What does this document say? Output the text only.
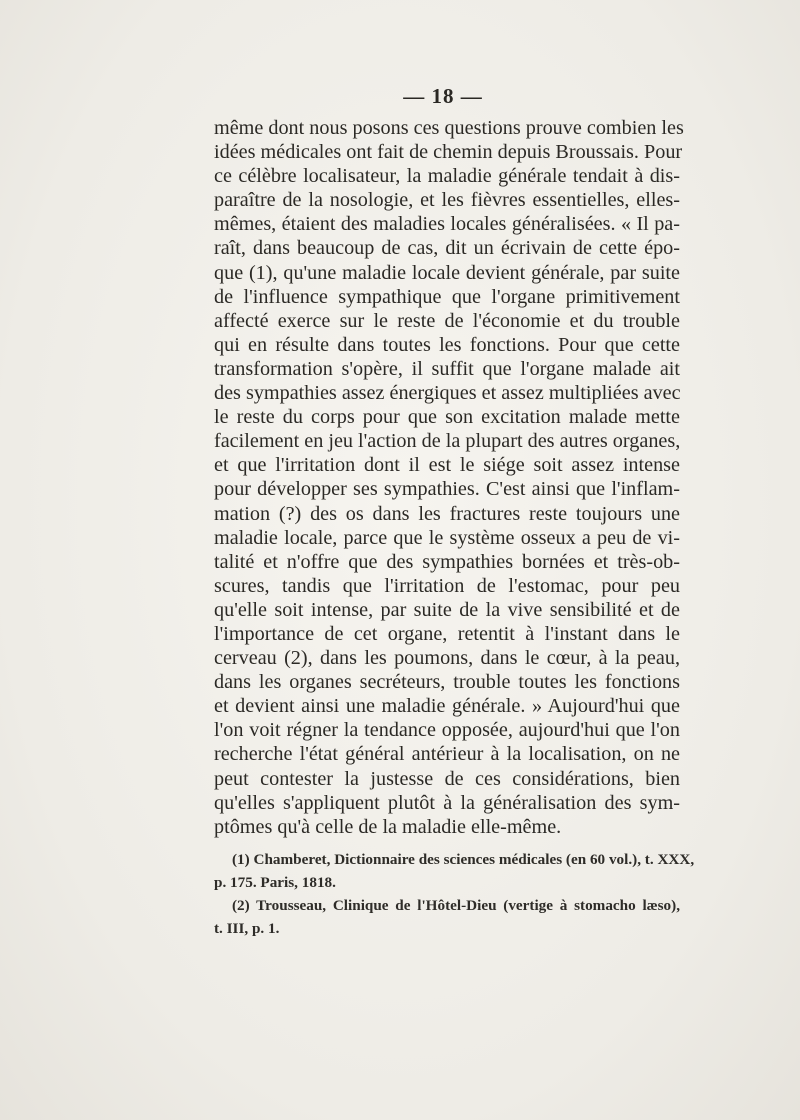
— 18 —
même dont nous posons ces questions prouve combien les
idées médicales ont fait de chemin depuis Broussais. Pour
ce célèbre localisateur, la maladie générale tendait à dis-
paraître de la nosologie, et les fièvres essentielles, elles-
mêmes, étaient des maladies locales généralisées. « Il pa-
raît, dans beaucoup de cas, dit un écrivain de cette épo-
que (1), qu'une maladie locale devient générale, par suite
de l'influence sympathique que l'organe primitivement
affecté exerce sur le reste de l'économie et du trouble
qui en résulte dans toutes les fonctions. Pour que cette
transformation s'opère, il suffit que l'organe malade ait
des sympathies assez énergiques et assez multipliées avec
le reste du corps pour que son excitation malade mette
facilement en jeu l'action de la plupart des autres organes,
et que l'irritation dont il est le siége soit assez intense
pour développer ses sympathies. C'est ainsi que l'inflam-
mation (?) des os dans les fractures reste toujours une
maladie locale, parce que le système osseux a peu de vi-
talité et n'offre que des sympathies bornées et très-ob-
scures, tandis que l'irritation de l'estomac, pour peu
qu'elle soit intense, par suite de la vive sensibilité et de
l'importance de cet organe, retentit à l'instant dans le
cerveau (2), dans les poumons, dans le cœur, à la peau,
dans les organes secréteurs, trouble toutes les fonctions
et devient ainsi une maladie générale. » Aujourd'hui que
l'on voit régner la tendance opposée, aujourd'hui que l'on
recherche l'état général antérieur à la localisation, on ne
peut contester la justesse de ces considérations, bien
qu'elles s'appliquent plutôt à la généralisation des sym-
ptômes qu'à celle de la maladie elle-même.
(1) Chamberet, Dictionnaire des sciences médicales (en 60 vol.), t. XXX,
p. 175. Paris, 1818.
(2) Trousseau, Clinique de l'Hôtel-Dieu (vertige à stomacho læso),
t. III, p. 1.
